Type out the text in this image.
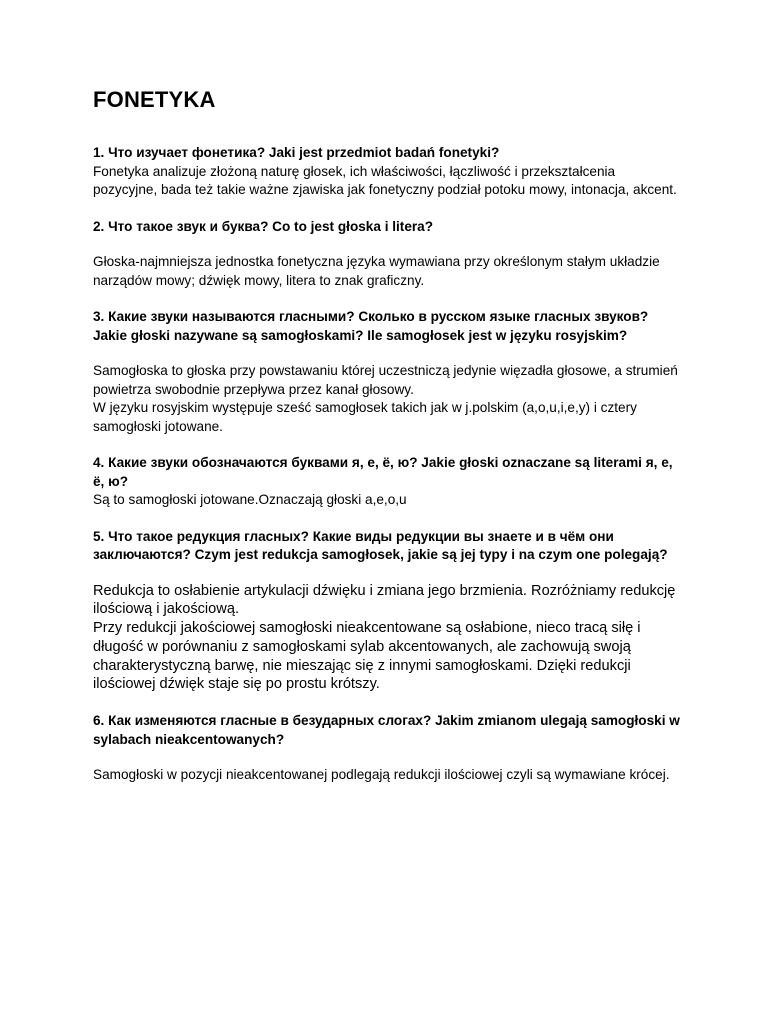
FONETYKA

1. Что изучает фонетика? Jaki jest przedmiot badań fonetyki?

Fonetyka analizuje złożoną naturę głosek, ich właściwości, łączliwość i przekształcenia pozycyjne, bada też takie ważne zjawiska jak fonetyczny podział potoku mowy, intonacja, akcent.

2. Что такое звук и буква? Co to jest głoska i litera?

Głoska-najmniejsza jednostka fonetyczna języka wymawiana przy określonym stałym układzie narządów mowy; dźwięk mowy, litera to znak graficzny.

3. Какие звуки называются гласными? Сколько в русском языке гласных звуков? Jakie głoski nazywane są samogłoskami? Ile samogłosek jest w języku rosyjskim?

Samogłoska to głoska przy powstawaniu której uczestniczą jedynie więzadła głosowe, a strumień powietrza swobodnie przepływa przez kanał głosowy.

W języku rosyjskim występuje sześć samogłosek takich jak w j.polskim (a,o,u,i,e,y) i cztery samogłoski jotowane.

4. Какие звуки обозначаются буквами я, е, ё, ю? Jakie głoski oznaczane są literami я, е, ё, ю?

Są to samogłoski jotowane.Oznaczają głoski a,e,o,u

5. Что такое редукция гласных? Какие виды редукции вы знаете и в чём они заключаются? Czym jest redukcja samogłosek, jakie są jej typy i na czym one polegają?

Redukcja to osłabienie artykulacji dźwięku i zmiana jego brzmienia. Rozróżniamy redukcję ilościową i jakościową.

Przy redukcji jakościowej samogłoski nieakcentowane są osłabione, nieco tracą siłę i długość w porównaniu z samogłoskami sylab akcentowanych, ale zachowują swoją charakterystyczną barwę, nie mieszając się z innymi samogłoskami. Dzięki redukcji ilościowej dźwięk staje się po prostu krótszy.

6. Как изменяются гласные в безударных слогах? Jakim zmianom ulegają samogłoski w sylabach nieakcentowanych?

Samogłoski w pozycji nieakcentowanej podlegają redukcji ilościowej czyli są wymawiane krócej.
